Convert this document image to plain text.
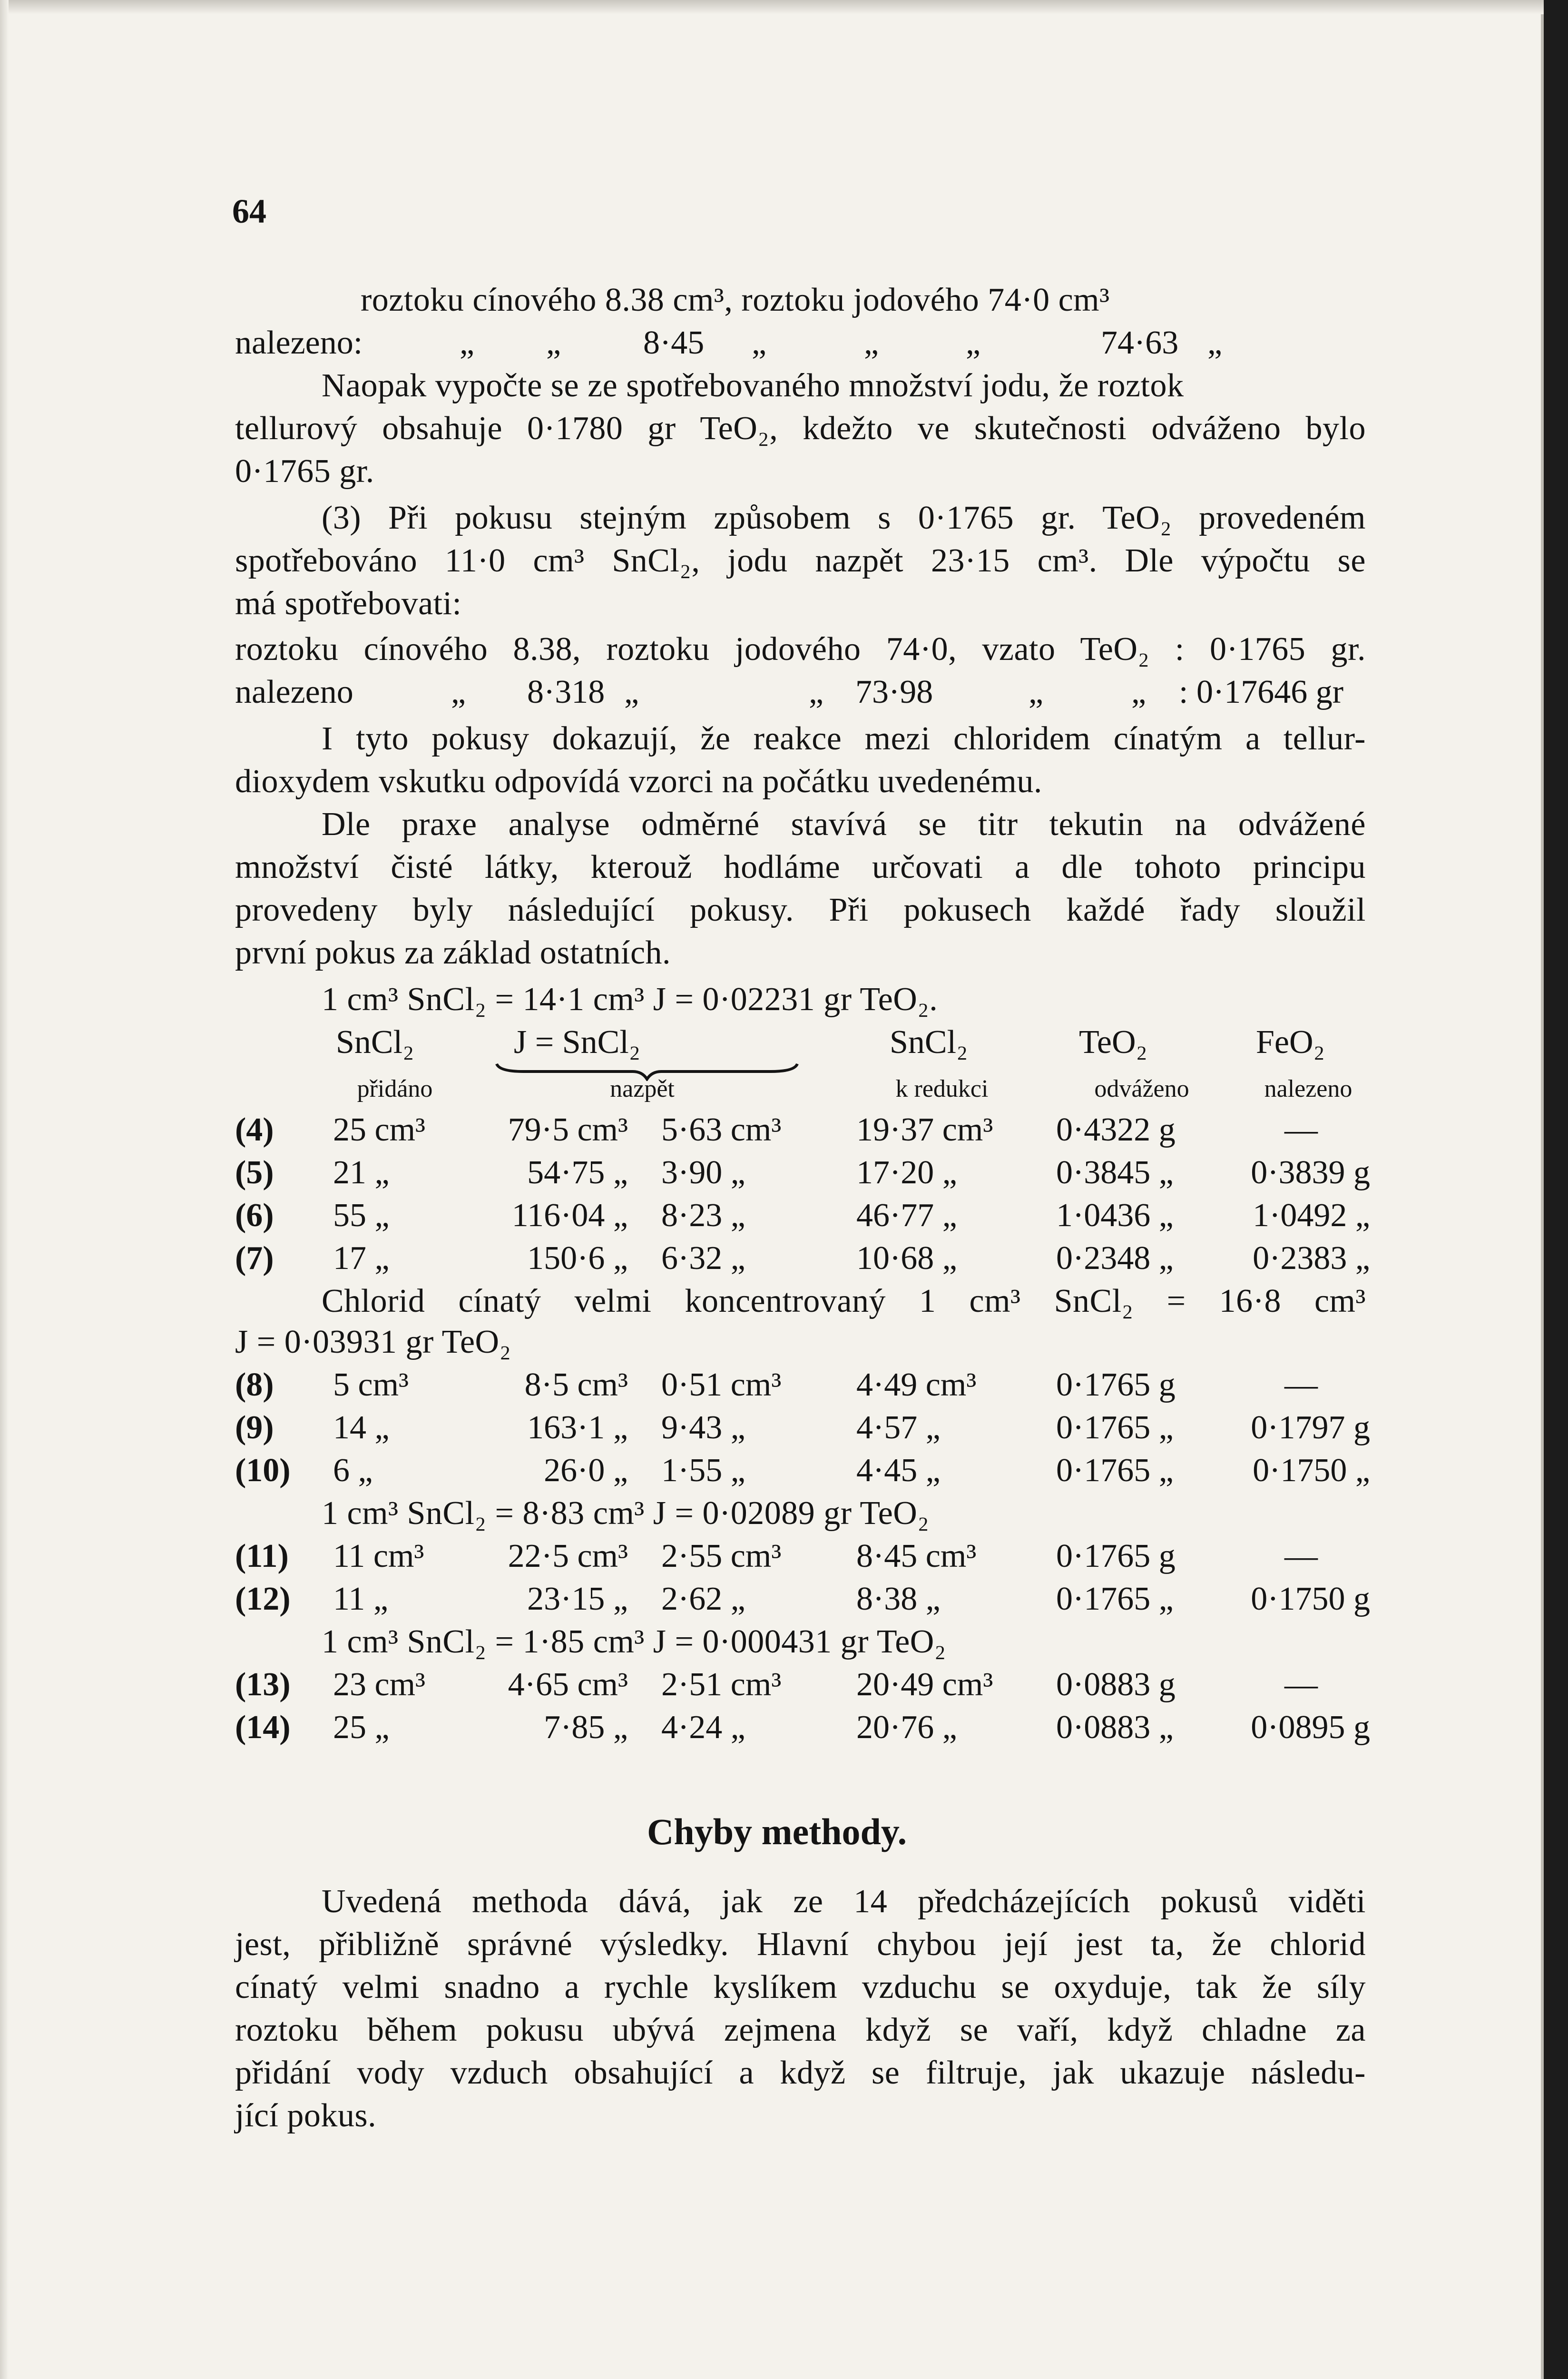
64
roztoku cínového 8.38 cm³, roztoku jodového 74·0 cm³
nalezeno:	„ „ 8·45 „	„	„	74·63 „
Naopak vypočte se ze spotřebovaného množství jodu, že roztok
tellurový obsahuje 0·1780 gr TeO₂, kdežto ve skutečnosti odváženo bylo
0·1765 gr.
(3) Při pokusu stejným způsobem s 0·1765 gr. TeO₂ provedeném
spotřebováno 11·0 cm³ SnCl₂, jodu nazpět 23·15 cm³. Dle výpočtu se
má spotřebovati:
roztoku cínového 8.38, roztoku jodového 74·0, vzato TeO₂ : 0·1765 gr.
nalezeno	„ 8·318 „	„ 73·98	„	„ : 0·17646 gr
I tyto pokusy dokazují, že reakce mezi chloridem cínatým a tellur-
dioxydem vskutku odpovídá vzorci na počátku uvedenému.
Dle praxe analyse odměrné stavívá se titr tekutin na odvážené
množství čisté látky, kterouž hodláme určovati a dle tohoto principu
provedeny byly následující pokusy. Při pokusech každé řady sloužil
první pokus za základ ostatních.
1 cm³ SnCl₂ = 14·1 cm³ J = 0·02231 gr TeO₂.
SnCl₂	J = SnCl₂	SnCl₂	TeO₂	FeO₂
přidáno	nazpět	k redukci	odváženo	nalezeno
(4)	25 cm³	79·5 cm³ 5·63 cm³	19·37 cm³	0·4322 g	—
(5)	21 „	54·75 „ 3·90 „	17·20 „	0·3845 „	0·3839 g
(6)	55 „	116·04 „ 8·23 „	46·77 „	1·0436 „	1·0492 „
(7)	17 „	150·6 „ 6·32 „	10·68 „	0·2348 „	0·2383 „
Chlorid cínatý velmi koncentrovaný 1 cm³ SnCl₂ = 16·8 cm³
J = 0·03931 gr TeO₂
(8)	5 cm³	8·5 cm³ 0·51 cm³	4·49 cm³	0·1765 g	—
(9)	14 „	163·1 „ 9·43 „	4·57 „	0·1765 „	0·1797 g
(10)	6 „	26·0 „ 1·55 „	4·45 „	0·1765 „	0·1750 „
1 cm³ SnCl₂ = 8·83 cm³ J = 0·02089 gr TeO₂
(11)	11 cm³	22·5 cm³ 2·55 cm³	8·45 cm³	0·1765 g	—
(12)	11 „	23·15 „ 2·62 „	8·38 „	0·1765 „	0·1750 g
1 cm³ SnCl₂ = 1·85 cm³ J = 0·000431 gr TeO₂
(13)	23 cm³	4·65 cm³ 2·51 cm³	20·49 cm³	0·0883 g	—
(14)	25 „	7·85 „ 4·24 „	20·76 „	0·0883 „	0·0895 g
Chyby methody.
Uvedená methoda dává, jak ze 14 předcházejících pokusů viděti
jest, přibližně správné výsledky. Hlavní chybou její jest ta, že chlorid
cínatý velmi snadno a rychle kyslíkem vzduchu se oxyduje, tak že síly
roztoku během pokusu ubývá zejmena když se vaří, když chladne za
přidání vody vzduch obsahující a když se filtruje, jak ukazuje následu-
jící pokus.
